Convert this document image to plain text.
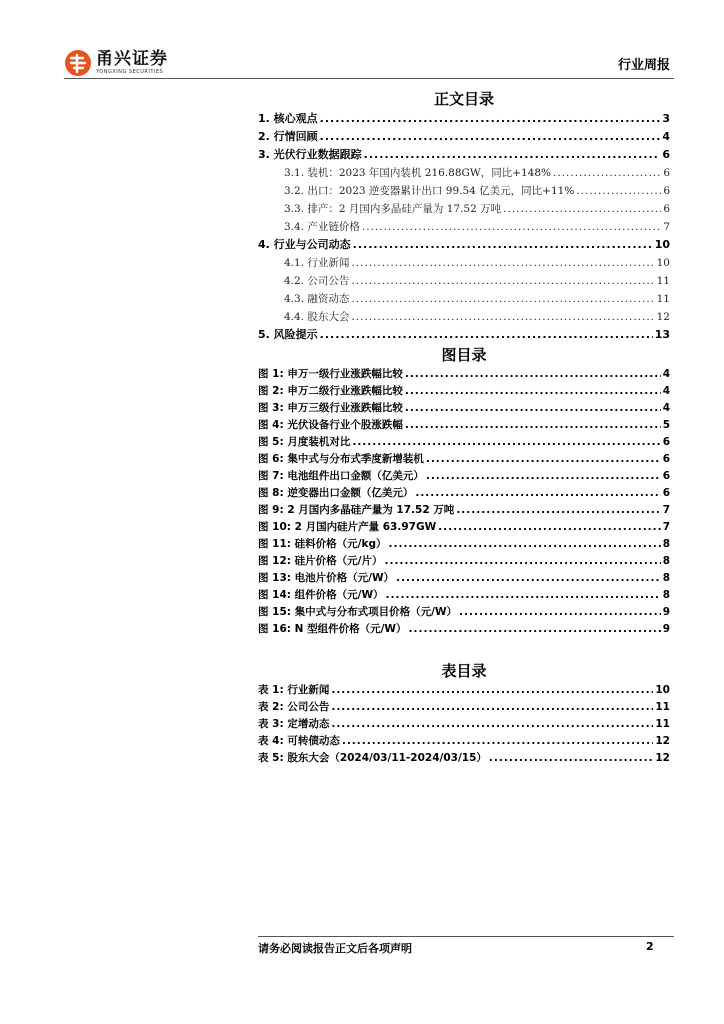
甬兴证券
YONGXING SECURITIES	行业周报
正文目录
1. 核心观点 .....	3
2. 行情回顾 .....	4
3. 光伏行业数据跟踪 .....	6
3.1. 装机：2023 年国内装机 216.88GW，同比+148% .....	6
3.2. 出口：2023 逆变器累计出口 99.54 亿美元，同比+11% .....	6
3.3. 排产：2 月国内多晶硅产量为 17.52 万吨 .....	6
3.4. 产业链价格 .....	7
4. 行业与公司动态 .....	10
4.1. 行业新闻 .....	10
4.2. 公司公告 .....	11
4.3. 融资动态 .....	11
4.4. 股东大会 .....	12
5. 风险提示 .....	13
图目录
图 1: 申万一级行业涨跌幅比较 .....	4
图 2: 申万二级行业涨跌幅比较 .....	4
图 3: 申万三级行业涨跌幅比较 .....	4
图 4: 光伏设备行业个股涨跌幅 .....	5
图 5: 月度装机对比 .....	6
图 6: 集中式与分布式季度新增装机 .....	6
图 7: 电池组件出口金额（亿美元） .....	6
图 8: 逆变器出口金额（亿美元） .....	6
图 9: 2 月国内多晶硅产量为 17.52 万吨 .....	7
图 10: 2 月国内硅片产量 63.97GW .....	7
图 11: 硅料价格（元/kg） .....	8
图 12: 硅片价格（元/片） .....	8
图 13: 电池片价格（元/W） .....	8
图 14: 组件价格（元/W） .....	8
图 15: 集中式与分布式项目价格（元/W） .....	9
图 16: N 型组件价格（元/W） .....	9
表目录
表 1: 行业新闻 .....	10
表 2: 公司公告 .....	11
表 3: 定增动态 .....	11
表 4: 可转债动态 .....	12
表 5: 股东大会（2024/03/11-2024/03/15） .....	12
请务必阅读报告正文后各项声明	2
